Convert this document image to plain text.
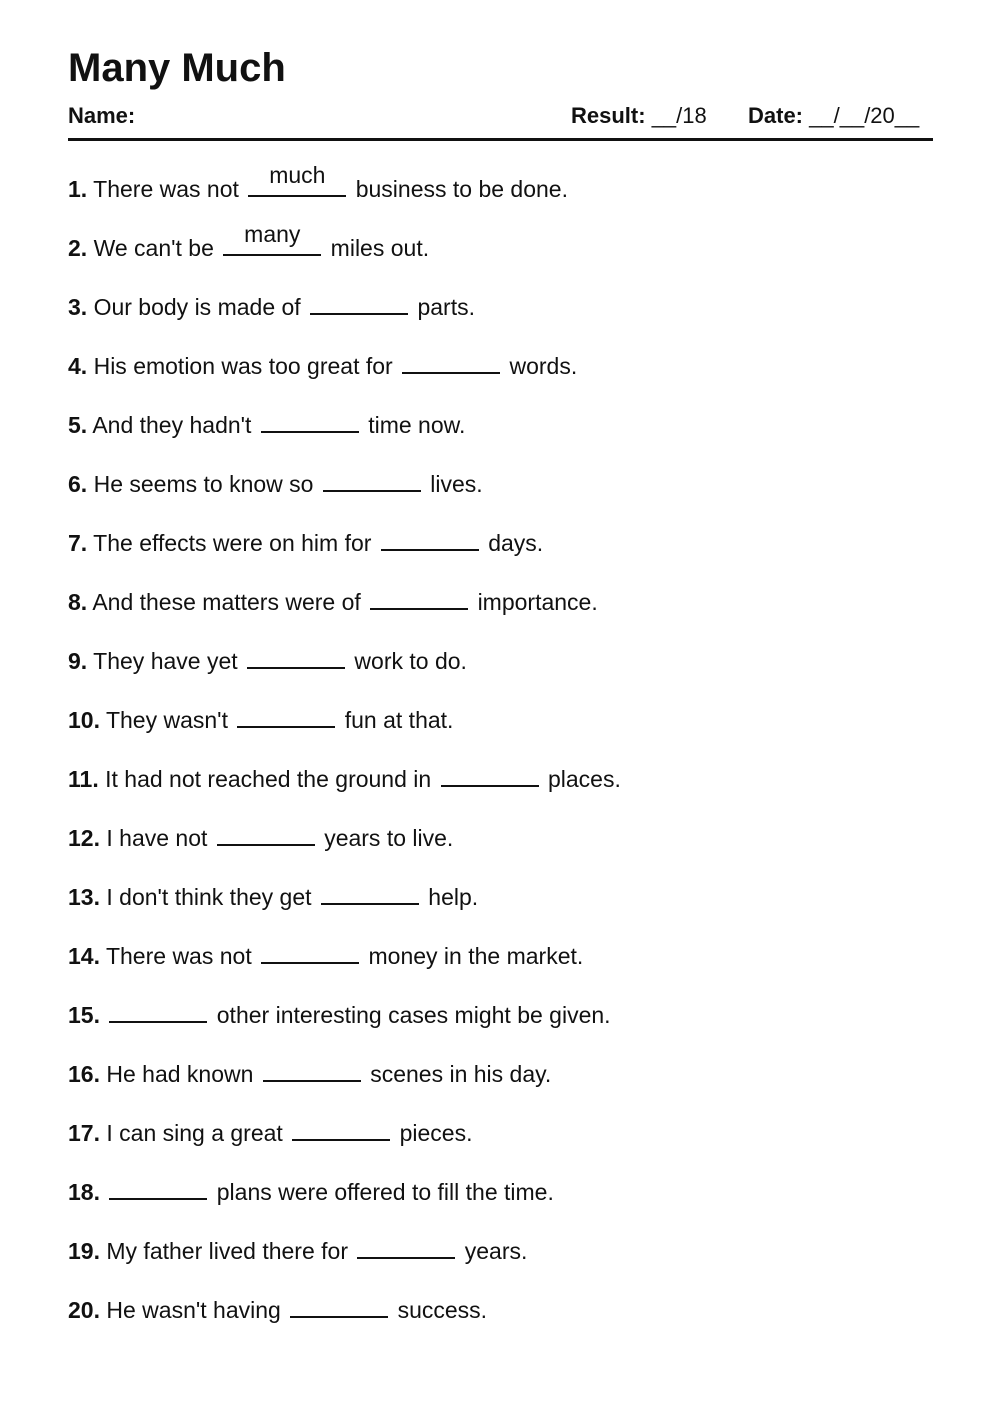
Many Much
Name:	Result: __/18 Date: __/__/20__
1. There was not
much
business to be done.
2. We can't be
many
miles out.
3. Our body is made of	parts.
4. His emotion was too great for	words.
5. And they hadn't	time now.
6. He seems to know so	lives.
7. The effects were on him for	days.
8. And these matters were of	importance.
9. They have yet	work to do.
10. They wasn't	fun at that.
11. It had not reached the ground in	places.
12. I have not	years to live.
13. I don't think they get	help.
14. There was not	money in the market.
15.	other interesting cases might be given.
16. He had known	scenes in his day.
17. I can sing a great	pieces.
18.	plans were offered to fill the time.
19. My father lived there for	years.
20. He wasn't having	success.
